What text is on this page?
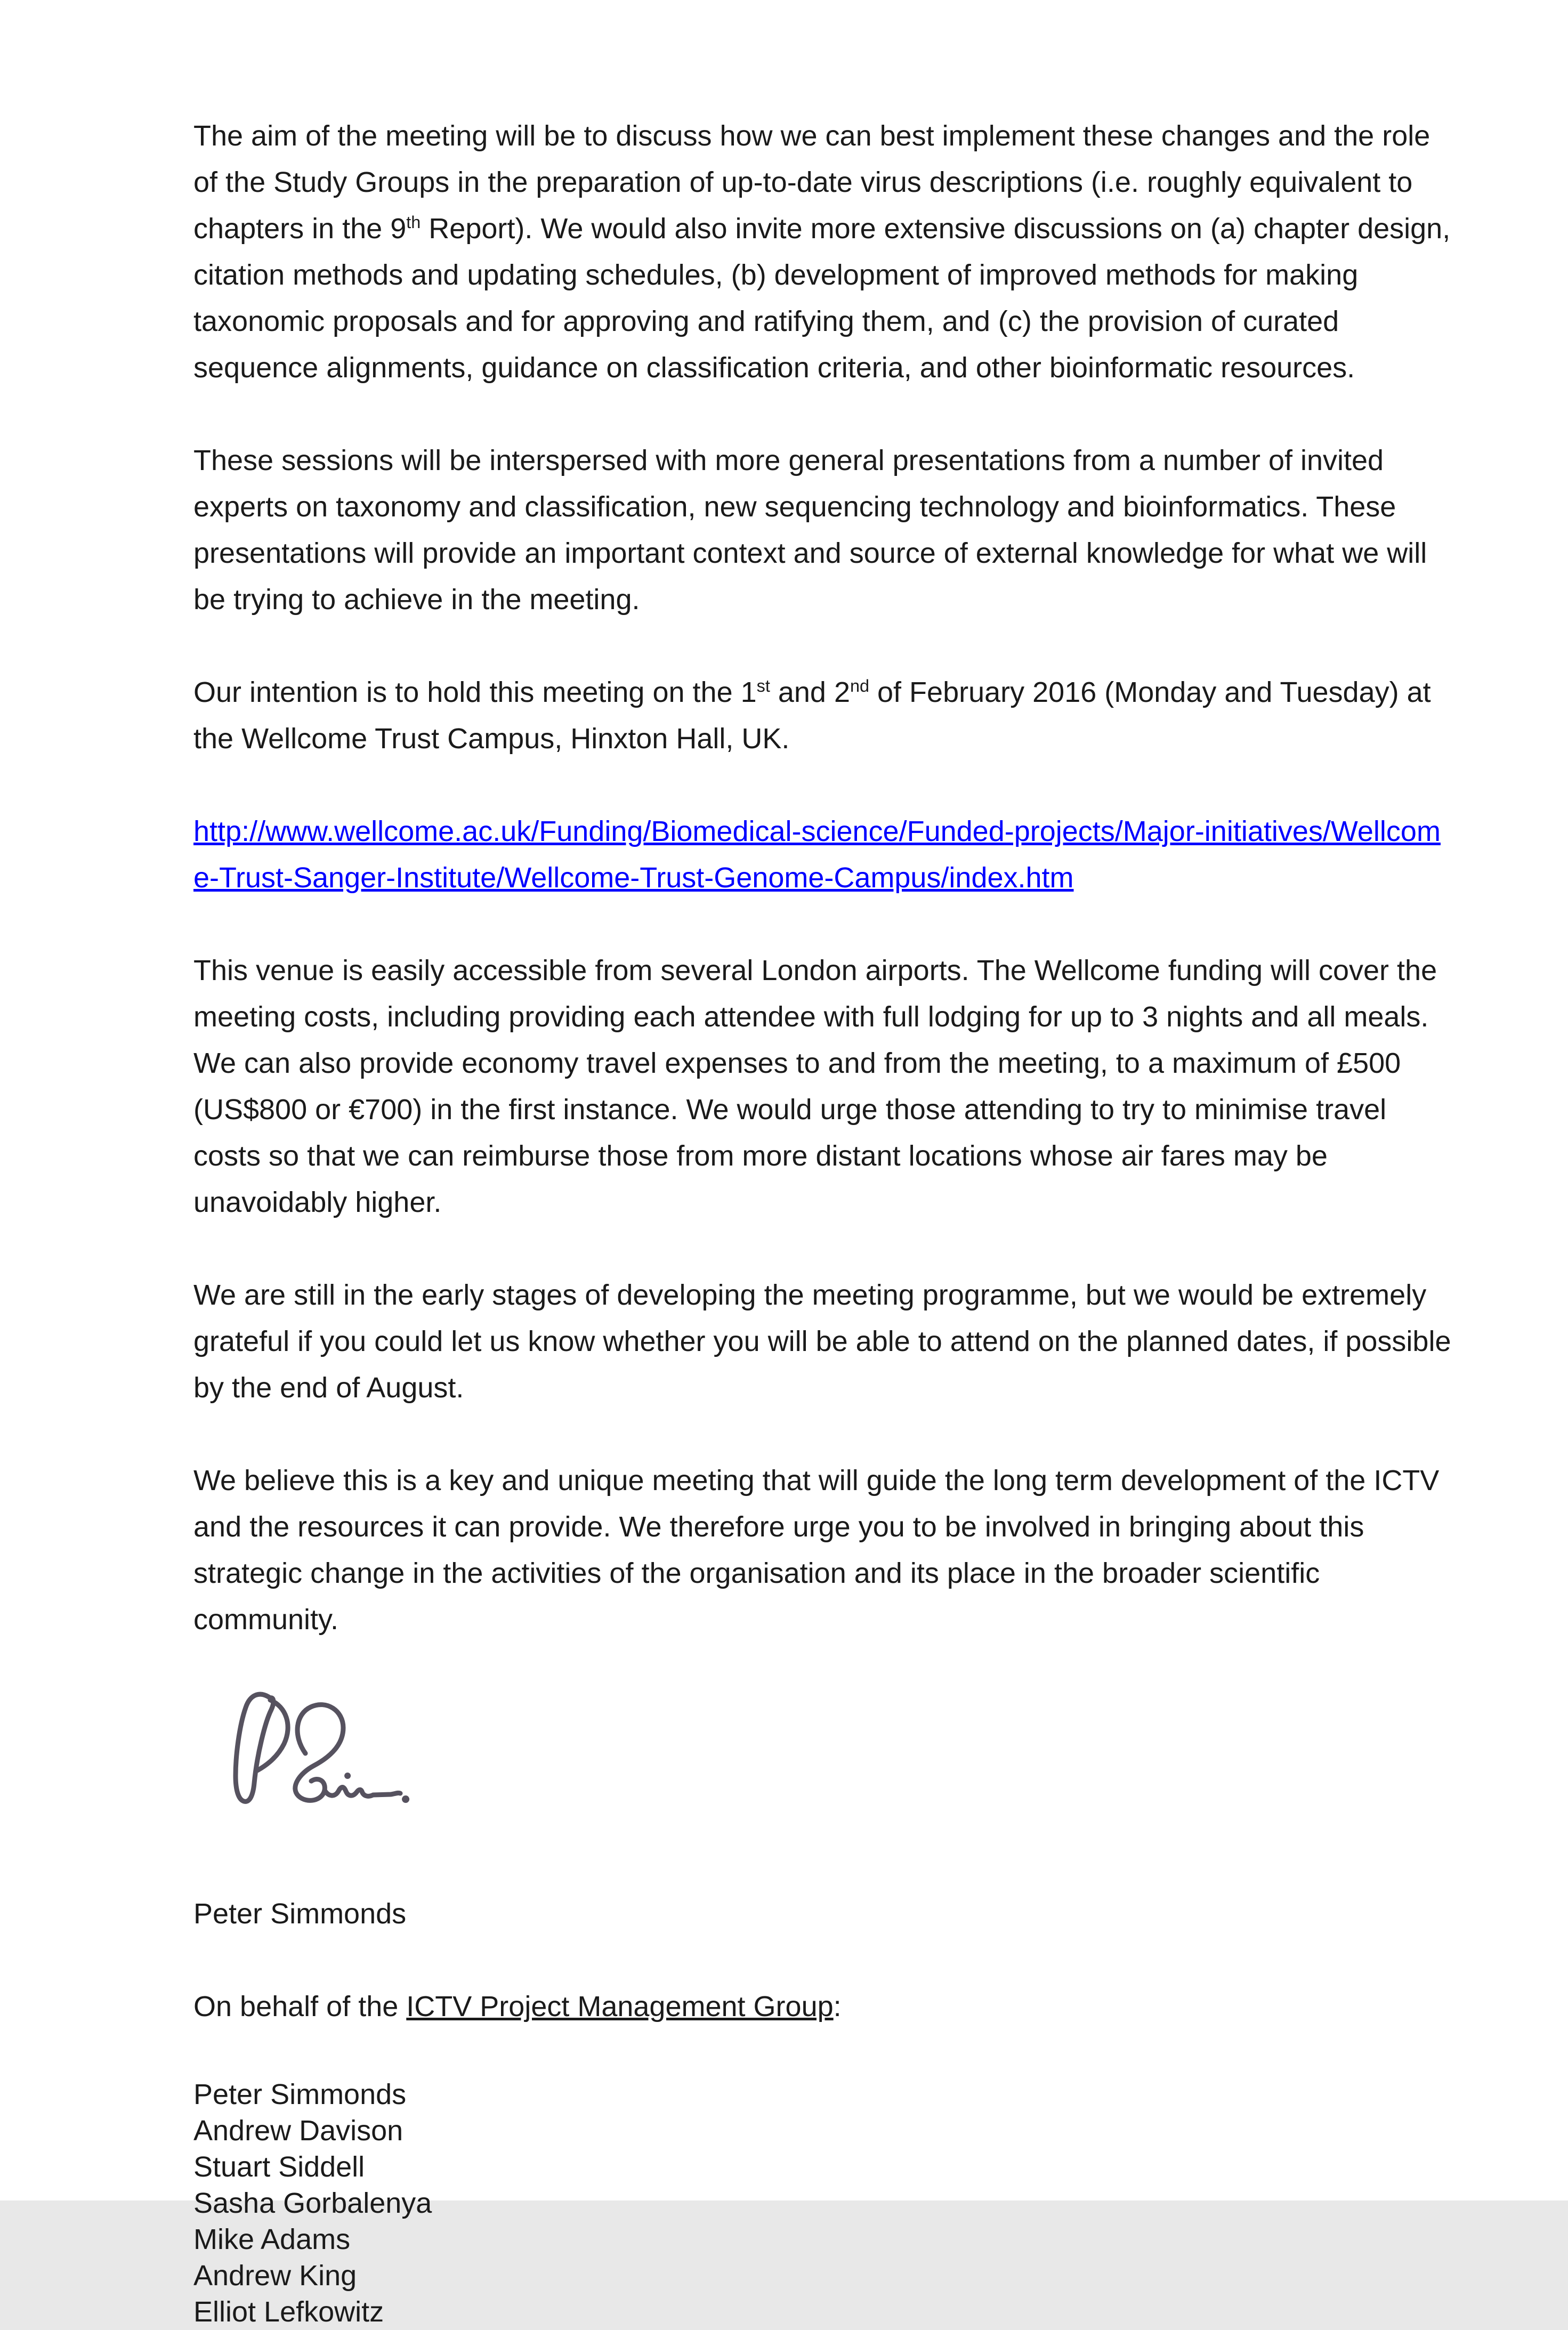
The aim of the meeting will be to discuss how we can best implement these changes and the role of the Study Groups in the preparation of up-to-date virus descriptions (i.e. roughly equivalent to chapters in the 9th Report). We would also invite more extensive discussions on (a) chapter design, citation methods and updating schedules, (b) development of improved methods for making taxonomic proposals and for approving and ratifying them, and (c) the provision of curated sequence alignments, guidance on classification criteria, and other bioinformatic resources.

These sessions will be interspersed with more general presentations from a number of invited experts on taxonomy and classification, new sequencing technology and bioinformatics. These presentations will provide an important context and source of external knowledge for what we will be trying to achieve in the meeting.

Our intention is to hold this meeting on the 1st and 2nd of February 2016 (Monday and Tuesday) at the Wellcome Trust Campus, Hinxton Hall, UK.

http://www.wellcome.ac.uk/Funding/Biomedical-science/Funded-projects/Major-initiatives/Wellcome-Trust-Sanger-Institute/Wellcome-Trust-Genome-Campus/index.htm

This venue is easily accessible from several London airports. The Wellcome funding will cover the meeting costs, including providing each attendee with full lodging for up to 3 nights and all meals. We can also provide economy travel expenses to and from the meeting, to a maximum of £500 (US$800 or €700) in the first instance. We would urge those attending to try to minimise travel costs so that we can reimburse those from more distant locations whose air fares may be unavoidably higher.

We are still in the early stages of developing the meeting programme, but we would be extremely grateful if you could let us know whether you will be able to attend on the planned dates, if possible by the end of August.

We believe this is a key and unique meeting that will guide the long term development of the ICTV and the resources it can provide. We therefore urge you to be involved in bringing about this strategic change in the activities of the organisation and its place in the broader scientific community.

Peter Simmonds
On behalf of the ICTV Project Management Group:
Peter Simmonds
Andrew Davison
Stuart Siddell
Sasha Gorbalenya
Mike Adams
Andrew King
Elliot Lefkowitz
